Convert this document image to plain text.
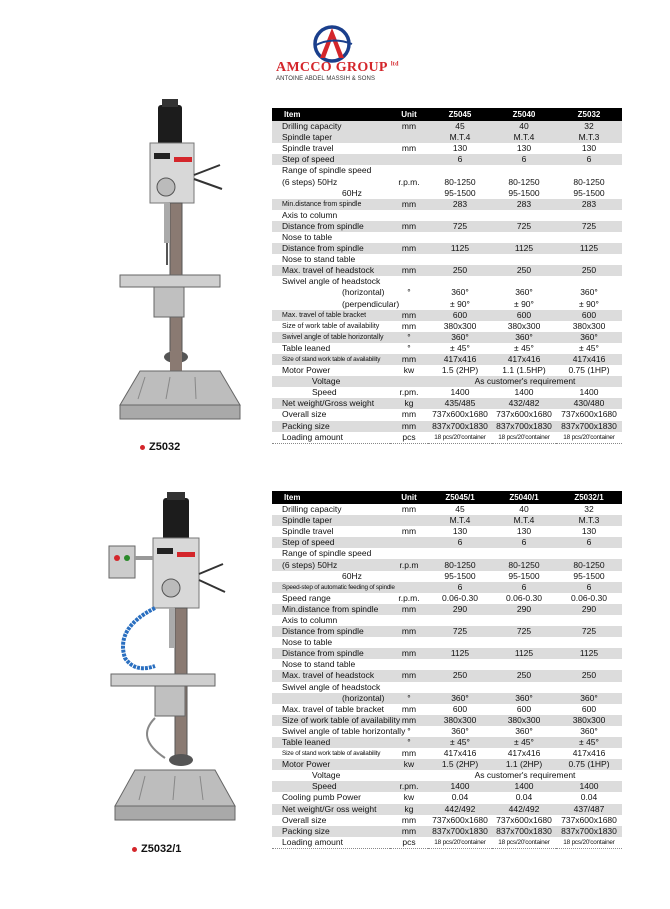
AMCCO GROUP $^{ltd}$
ANTOINE ABDEL MASSIH & SONS
Z5032
Z5032/1
Item	Unit	Z5045	Z5040	Z5032
Drilling capacity	mm	45	40	32
Spindle taper		M.T.4	M.T.4	M.T.3
Spindle travel	mm	130	130	130
Step of speed		6	6	6
Range of spindle speed				
(6 steps) 50Hz	r.p.m.	80-1250	80-1250	80-1250
60Hz		95-1500	95-1500	95-1500
Min.distance from spindle	mm	283	283	283
Axis to column				
Distance from spindle	mm	725	725	725
Nose to table				
Distance from spindle	mm	1125	1125	1125
Nose to stand table				
Max. travel of headstock	mm	250	250	250
Swivel angle of headstock				
(horizontal)	°	360°	360°	360°
(perpendicular)		± 90°	± 90°	± 90°
Max. travel of table bracket	mm	600	600	600
Size of work table of availability	mm	380x300	380x300	380x300
Swivel angle of table horizontally	°	360°	360°	360°
Table leaned	°	± 45°	± 45°	± 45°
Size of stand work table of availability	mm	417x416	417x416	417x416
Motor Power	kw	1.5 (2HP)	1.1 (1.5HP)	0.75 (1HP)
Voltage		As customer's requirement		
Speed	r.pm.	1400	1400	1400
Net weight/Gross weight	kg	435/485	432/482	430/480
Overall size	mm	737x600x1680	737x600x1680	737x600x1680
Packing size	mm	837x700x1830	837x700x1830	837x700x1830
Loading amount	pcs	18 pcs/20'container	18 pcs/20'container	18 pcs/20'container
Item	Unit	Z5045/1	Z5040/1	Z5032/1
Drilling capacity	mm	45	40	32
Spindle taper		M.T.4	M.T.4	M.T.3
Spindle travel	mm	130	130	130
Step of speed		6	6	6
Range of spindle speed				
(6 steps) 50Hz	r.p.m	80-1250	80-1250	80-1250
60Hz		95-1500	95-1500	95-1500
Speed-step of automatic feeding of spindle		6	6	6
Speed range	r.p.m.	0.06-0.30	0.06-0.30	0.06-0.30
Min.distance from spindle	mm	290	290	290
Axis to column				
Distance from spindle	mm	725	725	725
Nose to table				
Distance from spindle	mm	1125	1125	1125
Nose to stand table				
Max. travel of headstock	mm	250	250	250
Swivel angle of headstock				
(horizontal)	°	360°	360°	360°
Max. travel of table bracket	mm	600	600	600
Size of work table of availability	mm	380x300	380x300	380x300
Swivel angle of table horizontally	°	360°	360°	360°
Table leaned	°	± 45°	± 45°	± 45°
Size of stand work table of availability	mm	417x416	417x416	417x416
Motor Power	kw	1.5 (2HP)	1.1 (2HP)	0.75 (1HP)
Voltage		As customer's requirement		
Speed	r.pm.	1400	1400	1400
Cooling pumb Power	kw	0.04	0.04	0.04
Net weight/Gr oss weight	kg	442/492	442/492	437/487
Overall size	mm	737x600x1680	737x600x1680	737x600x1680
Packing size	mm	837x700x1830	837x700x1830	837x700x1830
Loading amount	pcs	18 pcs/20'container	18 pcs/20'container	18 pcs/20'container
